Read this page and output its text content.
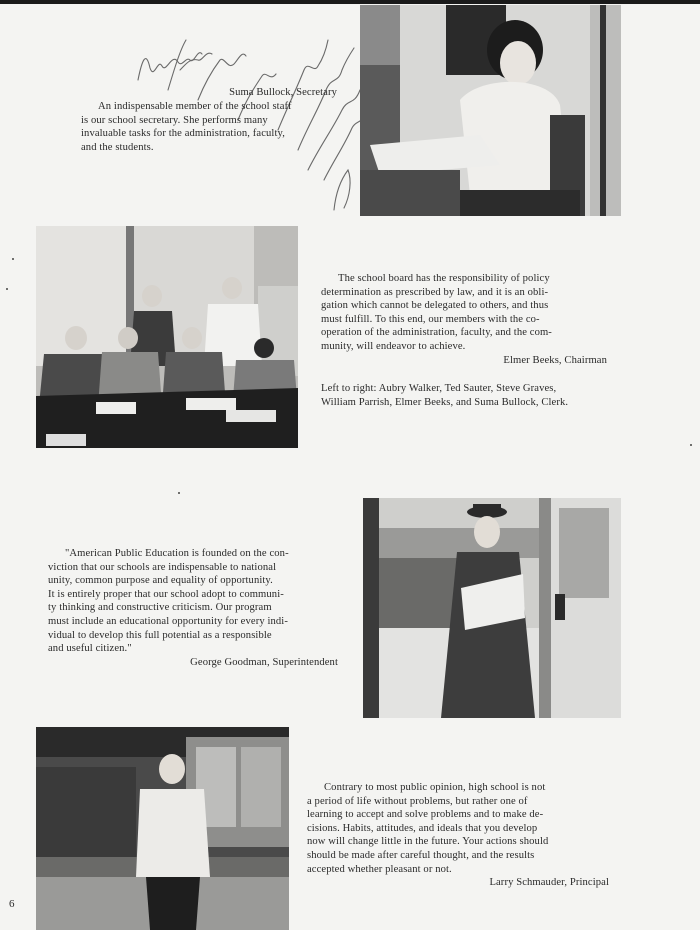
Suma Bullock, Secretary

An indispensable member of the school staff

is our school secretary. She performs many

invaluable tasks for the administration, faculty,

and the students.

The school board has the responsibility of policy

determination as prescribed by law, and it is an obli-

gation which cannot be delegated to others, and thus

must fulfill. To this end, our members with the co-

operation of the administration, faculty, and the com-

munity, will endeavor to achieve.

Elmer Beeks, Chairman

Left to right: Aubry Walker, Ted Sauter, Steve Graves,

William Parrish, Elmer Beeks, and Suma Bullock, Clerk.

"American Public Education is founded on the con-

viction that our schools are indispensable to national

unity, common purpose and equality of opportunity.

It is entirely proper that our school adopt to communi-

ty thinking and constructive criticism. Our program

must include an educational opportunity for every indi-

vidual to develop this full potential as a responsible

and useful citizen."

George Goodman, Superintendent

Contrary to most public opinion, high school is not

a period of life without problems, but rather one of

learning to accept and solve problems and to make de-

cisions. Habits, attitudes, and ideals that you develop

now will change little in the future. Your actions should

should be made after careful thought, and the results

accepted whether pleasant or not.

Larry Schmauder, Principal

6
